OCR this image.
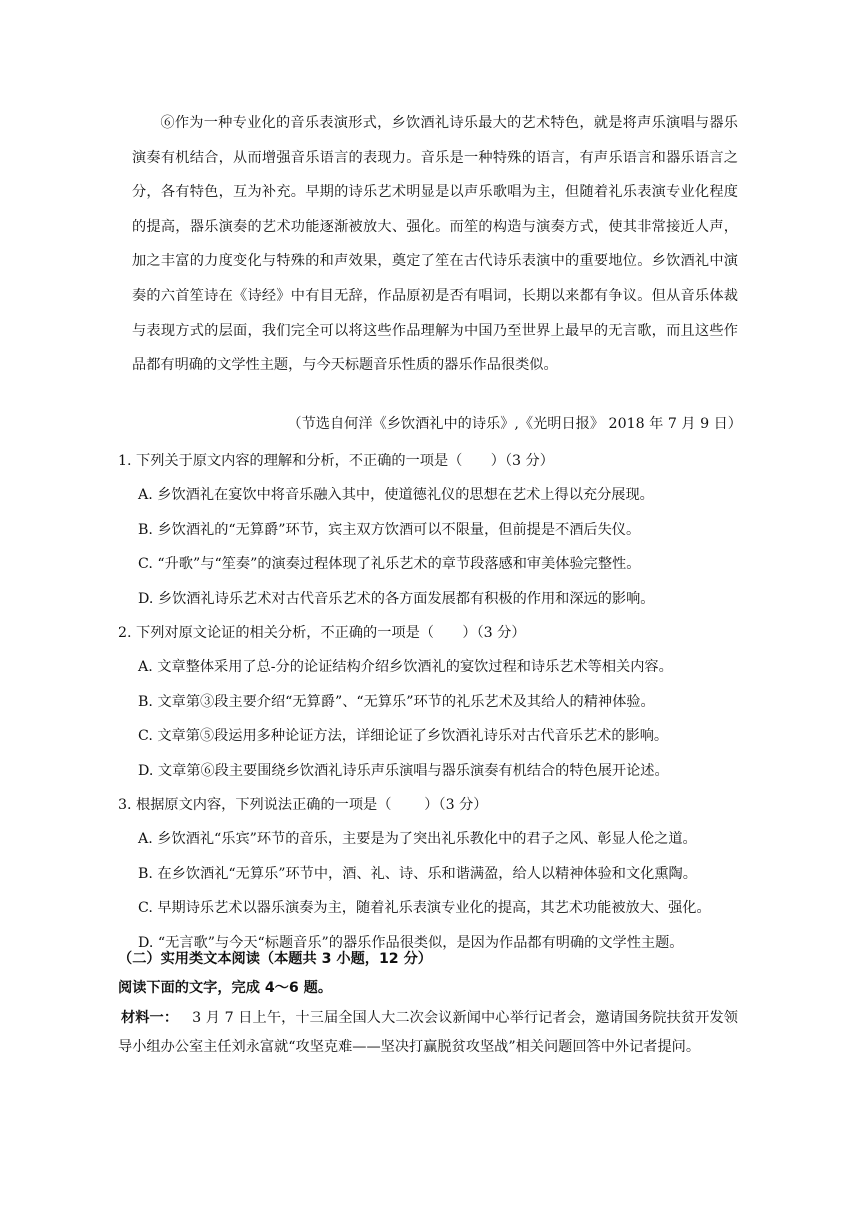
⑥作为一种专业化的音乐表演形式，乡饮酒礼诗乐最大的艺术特色，就是将声乐演唱与器乐演奏有机结合，从而增强音乐语言的表现力。音乐是一种特殊的语言，有声乐语言和器乐语言之分，各有特色，互为补充。早期的诗乐艺术明显是以声乐歌唱为主，但随着礼乐表演专业化程度的提高，器乐演奏的艺术功能逐渐被放大、强化。而笙的构造与演奏方式，使其非常接近人声，加之丰富的力度变化与特殊的和声效果，奠定了笙在古代诗乐表演中的重要地位。乡饮酒礼中演奏的六首笙诗在《诗经》中有目无辞，作品原初是否有唱词，长期以来都有争议。但从音乐体裁与表现方式的层面，我们完全可以将这些作品理解为中国乃至世界上最早的无言歌，而且这些作品都有明确的文学性主题，与今天标题音乐性质的器乐作品很类似。

（节选自何洋《乡饮酒礼中的诗乐》,《光明日报》 2018 年 7 月 9 日）

1. 下列关于原文内容的理解和分析，不正确的一项是（　　）（3 分）

A. 乡饮酒礼在宴饮中将音乐融入其中，使道德礼仪的思想在艺术上得以充分展现。

B. 乡饮酒礼的“无算爵”环节，宾主双方饮酒可以不限量，但前提是不酒后失仪。

C. “升歌”与“笙奏”的演奏过程体现了礼乐艺术的章节段落感和审美体验完整性。

D. 乡饮酒礼诗乐艺术对古代音乐艺术的各方面发展都有积极的作用和深远的影响。

2. 下列对原文论证的相关分析，不正确的一项是（　　）（3 分）

A. 文章整体采用了总-分的论证结构介绍乡饮酒礼的宴饮过程和诗乐艺术等相关内容。

B. 文章第③段主要介绍“无算爵”、“无算乐”环节的礼乐艺术及其给人的精神体验。

C. 文章第⑤段运用多种论证方法，详细论证了乡饮酒礼诗乐对古代音乐艺术的影响。

D. 文章第⑥段主要围绕乡饮酒礼诗乐声乐演唱与器乐演奏有机结合的特色展开论述。

3. 根据原文内容，下列说法正确的一项是（　　 ）（3 分）

A. 乡饮酒礼“乐宾”环节的音乐，主要是为了突出礼乐教化中的君子之风、彰显人伦之道。

B. 在乡饮酒礼“无算乐”环节中，酒、礼、诗、乐和谐满盈，给人以精神体验和文化熏陶。

C. 早期诗乐艺术以器乐演奏为主，随着礼乐表演专业化的提高，其艺术功能被放大、强化。

D. “无言歌”与今天“标题音乐”的器乐作品很类似，是因为作品都有明确的文学性主题。

（二）实用类文本阅读（本题共 3 小题，12 分）

阅读下面的文字，完成 4～6 题。

材料一： 3 月 7 日上午，十三届全国人大二次会议新闻中心举行记者会，邀请国务院扶贫开发领导小组办公室主任刘永富就“攻坚克难——坚决打赢脱贫攻坚战”相关问题回答中外记者提问。
